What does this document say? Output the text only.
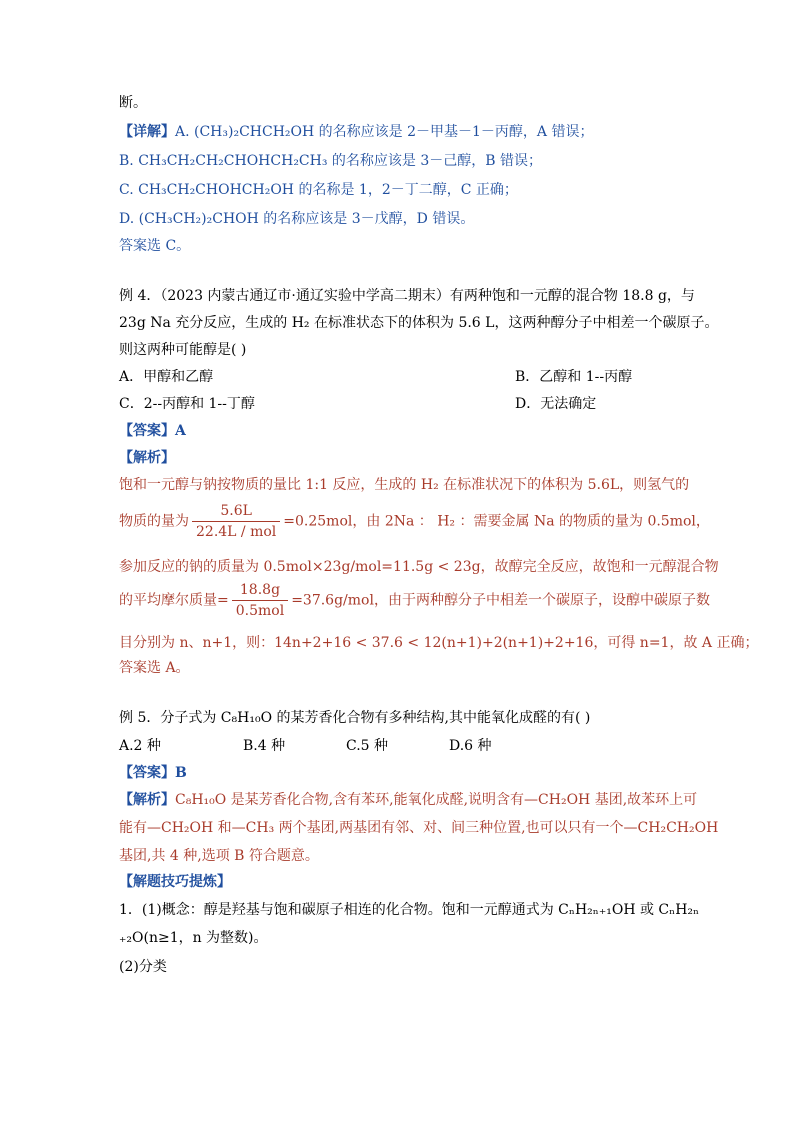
断。
【详解】A. (CH₃)₂CHCH₂OH 的名称应该是 2－甲基－1－丙醇，A 错误；
B. CH₃CH₂CH₂CHOHCH₂CH₃ 的名称应该是 3－己醇，B 错误；
C. CH₃CH₂CHOHCH₂OH 的名称是 1，2－丁二醇，C 正确；
D. (CH₃CH₂)₂CHOH 的名称应该是 3－戊醇，D 错误。
答案选 C。
例 4．（2023 内蒙古通辽市·通辽实验中学高二期末）有两种饱和一元醇的混合物 18.8 g，与
23g Na 充分反应，生成的 H₂ 在标准状态下的体积为 5.6 L，这两种醇分子中相差一个碳原子。
则这两种可能醇是( )
A．甲醇和乙醇	B．乙醇和 1--丙醇
C．2--丙醇和 1--丁醇	D．无法确定
【答案】A
【解析】
饱和一元醇与钠按物质的量比 1:1 反应，生成的 H₂ 在标准状况下的体积为 5.6L，则氢气的
物质的量为 $\frac{5.6L}{\text{22.4L / mol}} =0.25mol$，由 2Na ： H₂ ：需要金属 Na 的物质的量为 0.5mol，
参加反应的钠的质量为 0.5mol×23g/mol=11.5g < 23g，故醇完全反应，故饱和一元醇混合物
的平均摩尔质量= $\frac{18.8g}{\text{0.5mol}} =37.6g/mol$，由于两种醇分子中相差一个碳原子，设醇中碳原子数
目分别为 n、n+1，则：14n+2+16 < 37.6 < 12(n+1)+2(n+1)+2+16，可得 n=1，故 A 正确；
答案选 A。
例 5．分子式为 C₈H₁₀O 的某芳香化合物有多种结构,其中能氧化成醛的有( )
A.2 种	B.4 种	C.5 种	D.6 种
【答案】B
【解析】C₈H₁₀O 是某芳香化合物,含有苯环,能氧化成醛,说明含有—CH₂OH 基团,故苯环上可
能有—CH₂OH 和—CH₃ 两个基团,两基团有邻、对、间三种位置,也可以只有一个—CH₂CH₂OH
基团,共 4 种,选项 B 符合题意。
【解题技巧提炼】
1．(1)概念：醇是羟基与饱和碳原子相连的化合物。饱和一元醇通式为 CₙH₂ₙ₊₁OH 或 CₙH₂ₙ
₊₂O(n≥1，n 为整数)。
(2)分类
